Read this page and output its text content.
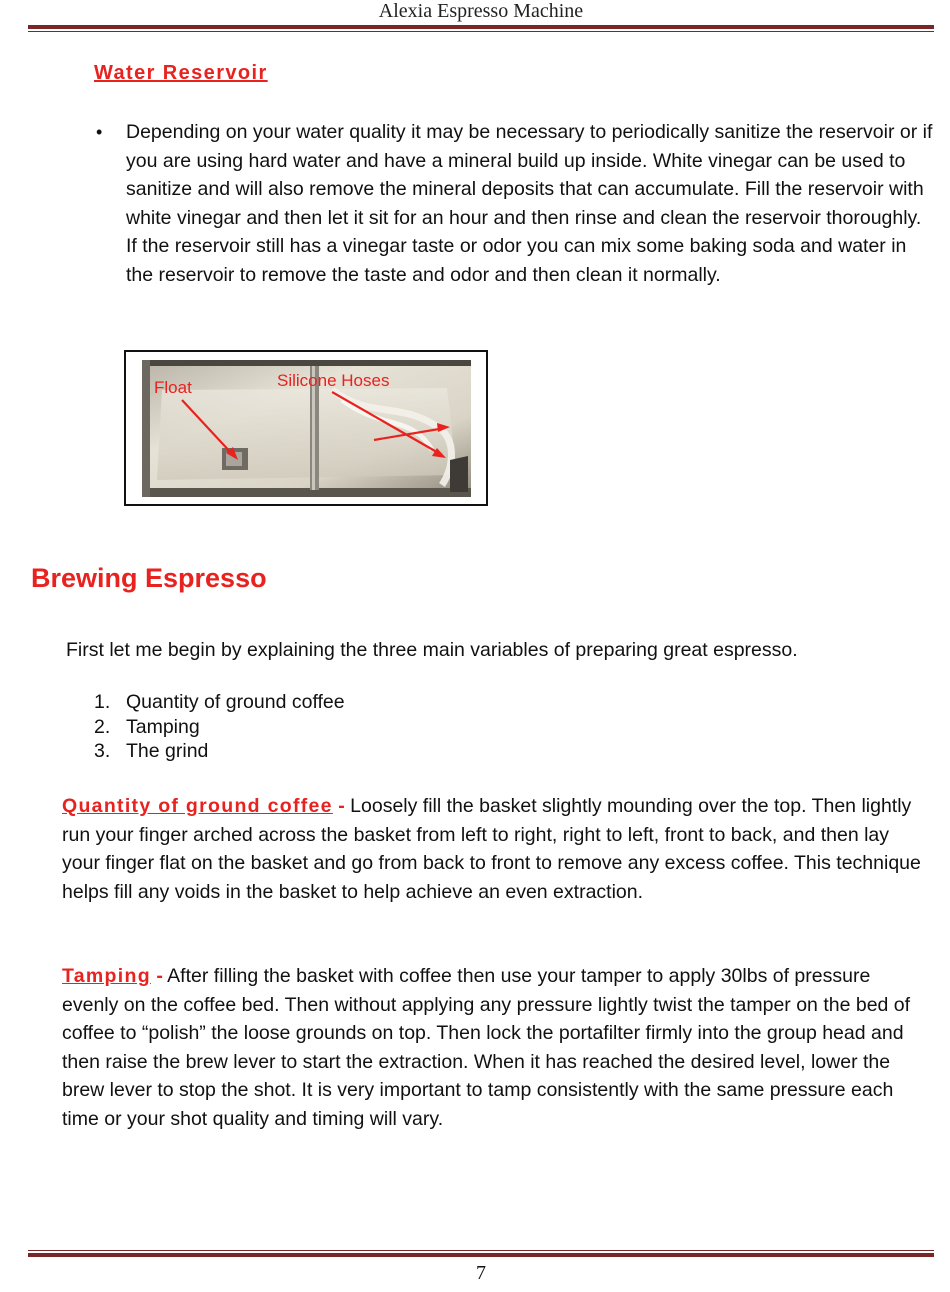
Alexia Espresso Machine
Water Reservoir
• Depending on your water quality it may be necessary to periodically sanitize the reservoir or if you are using hard water and have a mineral build up inside. White vinegar can be used to sanitize and will also remove the mineral deposits that can accumulate. Fill the reservoir with white vinegar and then let it sit for an hour and then rinse and clean the reservoir thoroughly. If the reservoir still has a vinegar taste or odor you can mix some baking soda and water in the reservoir to remove the taste and odor and then clean it normally.
Float	Silicone Hoses
Brewing Espresso
First let me begin by explaining the three main variables of preparing great espresso.
1. Quantity of ground coffee
2. Tamping
3. The grind
Quantity of ground coffee - Loosely fill the basket slightly mounding over the top. Then lightly run your finger arched across the basket from left to right, right to left, front to back, and then lay your finger flat on the basket and go from back to front to remove any excess coffee. This technique helps fill any voids in the basket to help achieve an even extraction.
Tamping - After filling the basket with coffee then use your tamper to apply 30lbs of pressure evenly on the coffee bed. Then without applying any pressure lightly twist the tamper on the bed of coffee to “polish” the loose grounds on top. Then lock the portafilter firmly into the group head and then raise the brew lever to start the extraction. When it has reached the desired level, lower the brew lever to stop the shot. It is very important to tamp consistently with the same pressure each time or your shot quality and timing will vary.
7
